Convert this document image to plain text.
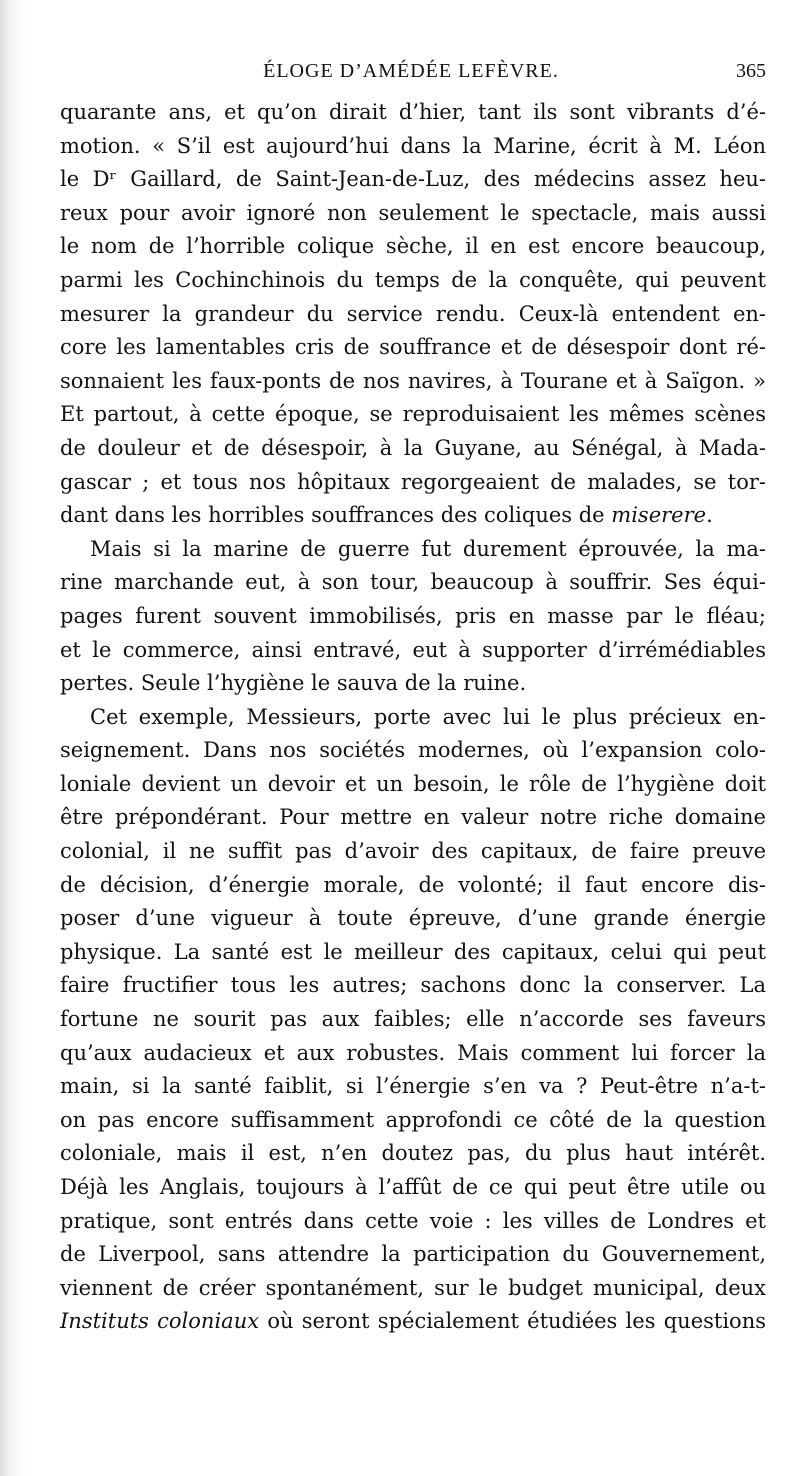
ÉLOGE D’AMÉDÉE LEFÈVRE.	365
quarante ans, et qu’on dirait d’hier, tant ils sont vibrants d’é-
motion. « S’il est aujourd’hui dans la Marine, écrit à M. Léon
le Dʳ Gaillard, de Saint-Jean-de-Luz, des médecins assez heu-
reux pour avoir ignoré non seulement le spectacle, mais aussi
le nom de l’horrible colique sèche, il en est encore beaucoup,
parmi les Cochinchinois du temps de la conquête, qui peuvent
mesurer la grandeur du service rendu. Ceux-là entendent en-
core les lamentables cris de souffrance et de désespoir dont ré-
sonnaient les faux-ponts de nos navires, à Tourane et à Saïgon. »
Et partout, à cette époque, se reproduisaient les mêmes scènes
de douleur et de désespoir, à la Guyane, au Sénégal, à Mada-
gascar ; et tous nos hôpitaux regorgeaient de malades, se tor-
dant dans les horribles souffrances des coliques de miserere.
Mais si la marine de guerre fut durement éprouvée, la ma-
rine marchande eut, à son tour, beaucoup à souffrir. Ses équi-
pages furent souvent immobilisés, pris en masse par le fléau;
et le commerce, ainsi entravé, eut à supporter d’irrémédiables
pertes. Seule l’hygiène le sauva de la ruine.
Cet exemple, Messieurs, porte avec lui le plus précieux en-
seignement. Dans nos sociétés modernes, où l’expansion colo-
loniale devient un devoir et un besoin, le rôle de l’hygiène doit
être prépondérant. Pour mettre en valeur notre riche domaine
colonial, il ne suffit pas d’avoir des capitaux, de faire preuve
de décision, d’énergie morale, de volonté; il faut encore dis-
poser d’une vigueur à toute épreuve, d’une grande énergie
physique. La santé est le meilleur des capitaux, celui qui peut
faire fructifier tous les autres; sachons donc la conserver. La
fortune ne sourit pas aux faibles; elle n’accorde ses faveurs
qu’aux audacieux et aux robustes. Mais comment lui forcer la
main, si la santé faiblit, si l’énergie s’en va ? Peut-être n’a-t-
on pas encore suffisamment approfondi ce côté de la question
coloniale, mais il est, n’en doutez pas, du plus haut intérêt.
Déjà les Anglais, toujours à l’affût de ce qui peut être utile ou
pratique, sont entrés dans cette voie : les villes de Londres et
de Liverpool, sans attendre la participation du Gouvernement,
viennent de créer spontanément, sur le budget municipal, deux
Instituts coloniaux où seront spécialement étudiées les questions
